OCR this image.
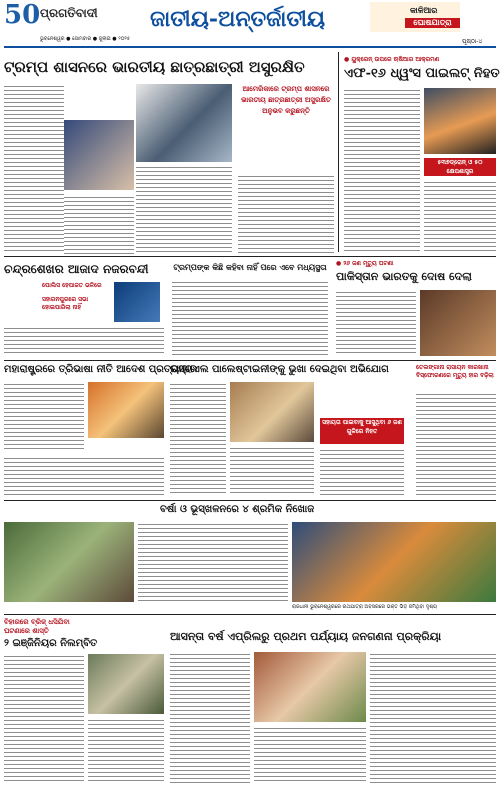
50 ପ୍ରଗତିବାଦୀ
ଭୁବନେଶ୍ୱର ● ସୋମବାର ● ଜୁଲାଇ ● ୨୦୨୫
ଜାତୀୟ-ଅନ୍ତର୍ଜାତୀୟ	କାଳିଆର
ଘୋଷଯାତ୍ରା
ପୃଷ୍ଠା-୪
ଟ୍ରମ୍ପ ଶାସନରେ ଭାରତୀୟ ଛାତ୍ରଛାତ୍ରୀ ଅସୁରକ୍ଷିତ
ଆମେରିକାରେ ଟ୍ରମ୍ପ ଶାସନରେ ଭାରତୀୟ ଛାତ୍ରଛାତ୍ରୀ ଅସୁରକ୍ଷିତ ଅନୁଭବ କରୁଛନ୍ତି
● ୟୁକ୍ରେନ୍ ଉପରେ ଋଷିଆର ଆକ୍ରମଣ
ଏଫ-୧୬ ଧ୍ୱଂସ ପାଇଲଟ୍ ନିହତ
୫୩୭ଡ୍ରୋନ୍ ଓ ୫୦ କ୍ଷେପଣାସ୍ତ୍ର
ଚନ୍ଦ୍ରଶେଖର ଆଜାଦ ନଜରବନ୍ଦୀ
ପୋଲିସ ହେପାଜତ ଭଳିରେ
ସହାରନପୁରରେ ସଭା ହୋଇପାରିଲା ନାହିଁ
ଟ୍ରମ୍ପଙ୍କ କିଛି କହିବା ନାହିଁ ପରେ ଏବେ ମଧ୍ୟସ୍ଥତା ● ୨୬ ଜଣ ମୃତ୍ୟୁ ଘଟଣା
ପାକିସ୍ତାନ ଭାରତକୁ ଦୋଷ ଦେଲା
ମହାରାଷ୍ଟ୍ରରେ ତ୍ରିଭାଷା ନୀତି ଆଦେଶ ପ୍ରତ୍ୟାହାର
ଇସ୍ରାଏଲ ପାଲେଷ୍ଟାଇନୀଙ୍କୁ ଭୁଖା ଦେଇଥିବା ଅଭିଯୋଗ
ସହାୟତା ପାଇବାକୁ ଆସୁଥିବା ୬ ଜଣ ଗୁଳିରେ ନିହତ
ତେଲଙ୍ଗାନା ରାସାୟନ କାରଖାନା ବିସ୍ଫୋରଣରେ ମୃତ୍ୟୁ ହାର ବଢ଼ିଲା
ବର୍ଷା ଓ ଭୂସ୍ଖଳନରେ ୪ ଶ୍ରମିକ ନିଖୋଜ
ରାଜଧାନୀ ଭୁବନେଶ୍ୱରରେ ରଥଯାତ୍ରା ଅବସରରେ ଭକ୍ତ ଭିଡ଼ ଜମିଥିବା ଦୃଶ୍ୟ
ବିହାରରେ ବ୍ରିଜ୍ ଧସିଯିବା
ଘଟଣାରେ ଶାସ୍ତି
୨ ଇଞ୍ଜିନିୟର ନିଲମ୍ବିତ
ଆସନ୍ତା ବର୍ଷ ଏପ୍ରିଲରୁ ପ୍ରଥମ ପର୍ଯ୍ୟାୟ ଜନଗଣନା ପ୍ରକ୍ରିୟା
